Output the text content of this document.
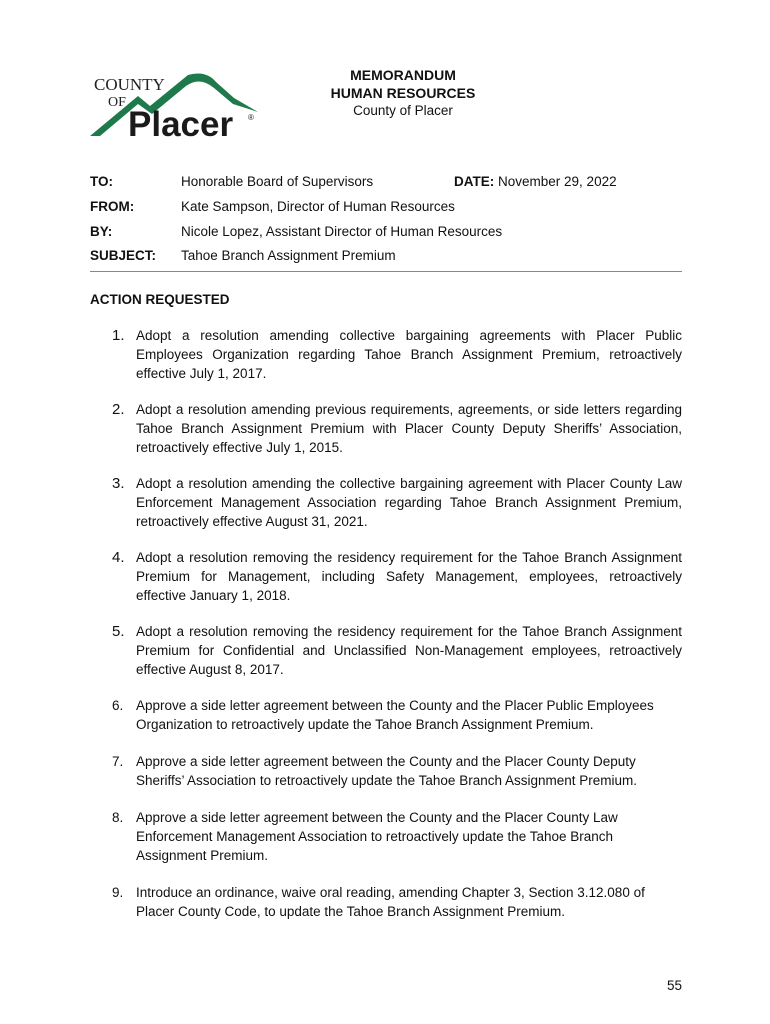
COUNTY
OF
Placer ®
MEMORANDUM
HUMAN RESOURCES
County of Placer
TO:	Honorable Board of Supervisors	DATE: November 29, 2022
FROM:	Kate Sampson, Director of Human Resources
BY:	Nicole Lopez, Assistant Director of Human Resources
SUBJECT: Tahoe Branch Assignment Premium
ACTION REQUESTED
1. Adopt a resolution amending collective bargaining agreements with Placer Public Employees Organization regarding Tahoe Branch Assignment Premium, retroactively effective July 1, 2017.
2. Adopt a resolution amending previous requirements, agreements, or side letters regarding Tahoe Branch Assignment Premium with Placer County Deputy Sheriffs’ Association, retroactively effective July 1, 2015.
3. Adopt a resolution amending the collective bargaining agreement with Placer County Law Enforcement Management Association regarding Tahoe Branch Assignment Premium, retroactively effective August 31, 2021.
4. Adopt a resolution removing the residency requirement for the Tahoe Branch Assignment Premium for Management, including Safety Management, employees, retroactively effective January 1, 2018.
5. Adopt a resolution removing the residency requirement for the Tahoe Branch Assignment Premium for Confidential and Unclassified Non-Management employees, retroactively effective August 8, 2017.
6. Approve a side letter agreement between the County and the Placer Public Employees Organization to retroactively update the Tahoe Branch Assignment Premium.
7. Approve a side letter agreement between the County and the Placer County Deputy Sheriffs’ Association to retroactively update the Tahoe Branch Assignment Premium.
8. Approve a side letter agreement between the County and the Placer County Law Enforcement Management Association to retroactively update the Tahoe Branch Assignment Premium.
9. Introduce an ordinance, waive oral reading, amending Chapter 3, Section 3.12.080 of Placer County Code, to update the Tahoe Branch Assignment Premium.
55
